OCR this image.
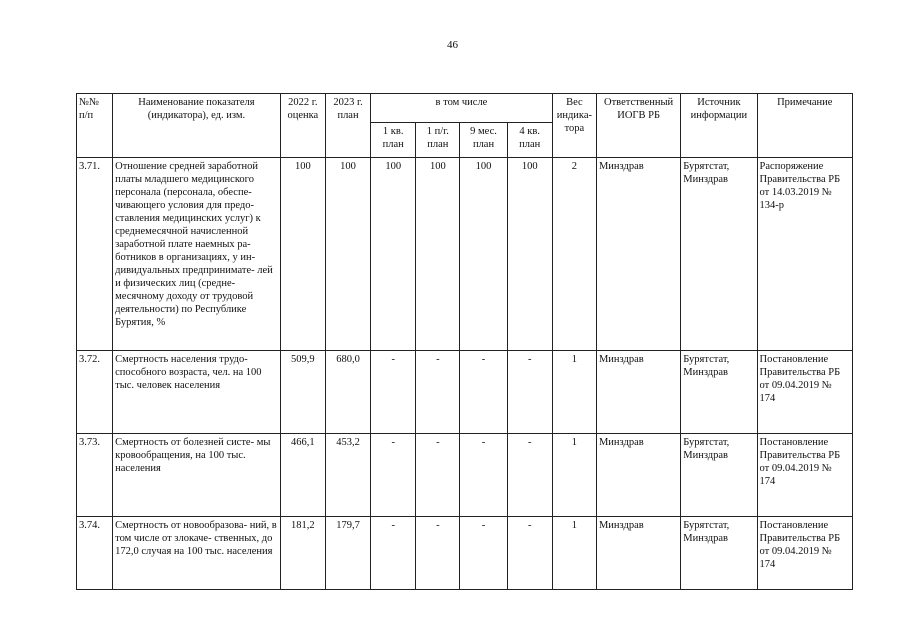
46
№№ п/п	Наименование показателя (индикатора), ед. изм.	2022 г. оценка	2023 г. план	в том числе				Вес индика- тора	Ответственный ИОГВ РБ	Источник информации	Примечание
				1 кв. план	1 п/г. план	9 мес. план	4 кв. план				
3.71.	Отношение средней заработной платы младшего медицинского персонала (персонала, обеспе- чивающего условия для предо- ставления медицинских услуг) к среднемесячной начисленной заработной плате наемных ра- ботников в организациях, у ин- дивидуальных предпринимате- лей и физических лиц (средне- месячному доходу от трудовой деятельности) по Республике Бурятия, %	100	100	100	100	100	100	2	Минздрав	Бурятстат, Минздрав	Распоряжение Правительства РБ от 14.03.2019 № 134-р
3.72.	Смертность населения трудо- способного возраста, чел. на 100 тыс. человек населения	509,9	680,0	-	-	-	-	1	Минздрав	Бурятстат, Минздрав	Постановление Правительства РБ от 09.04.2019 № 174
3.73.	Смертность от болезней систе- мы кровообращения, на 100 тыс. населения	466,1	453,2	-	-	-	-	1	Минздрав	Бурятстат, Минздрав	Постановление Правительства РБ от 09.04.2019 № 174
3.74.	Смертность от новообразова- ний, в том числе от злокаче- ственных, до 172,0 случая на 100 тыс. населения	181,2	179,7	-	-	-	-	1	Минздрав	Бурятстат, Минздрав	Постановление Правительства РБ от 09.04.2019 № 174
